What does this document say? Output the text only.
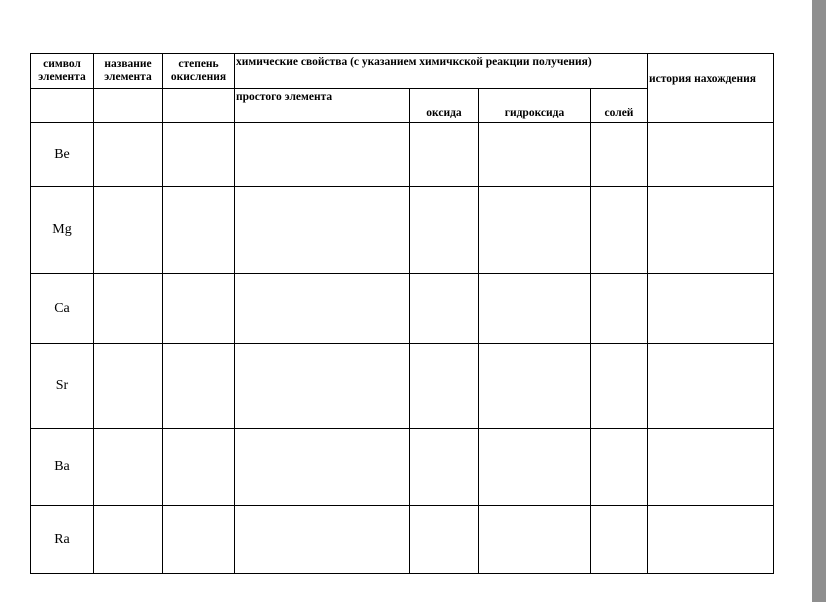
символ элемента	название элемента	степень окисления	химические свойства (с указанием химичкской реакции получения)				история нахождения
			простого элемента	оксида	гидроксида	солей	
Be							
Mg							
Ca							
Sr							
Ba							
Ra							
